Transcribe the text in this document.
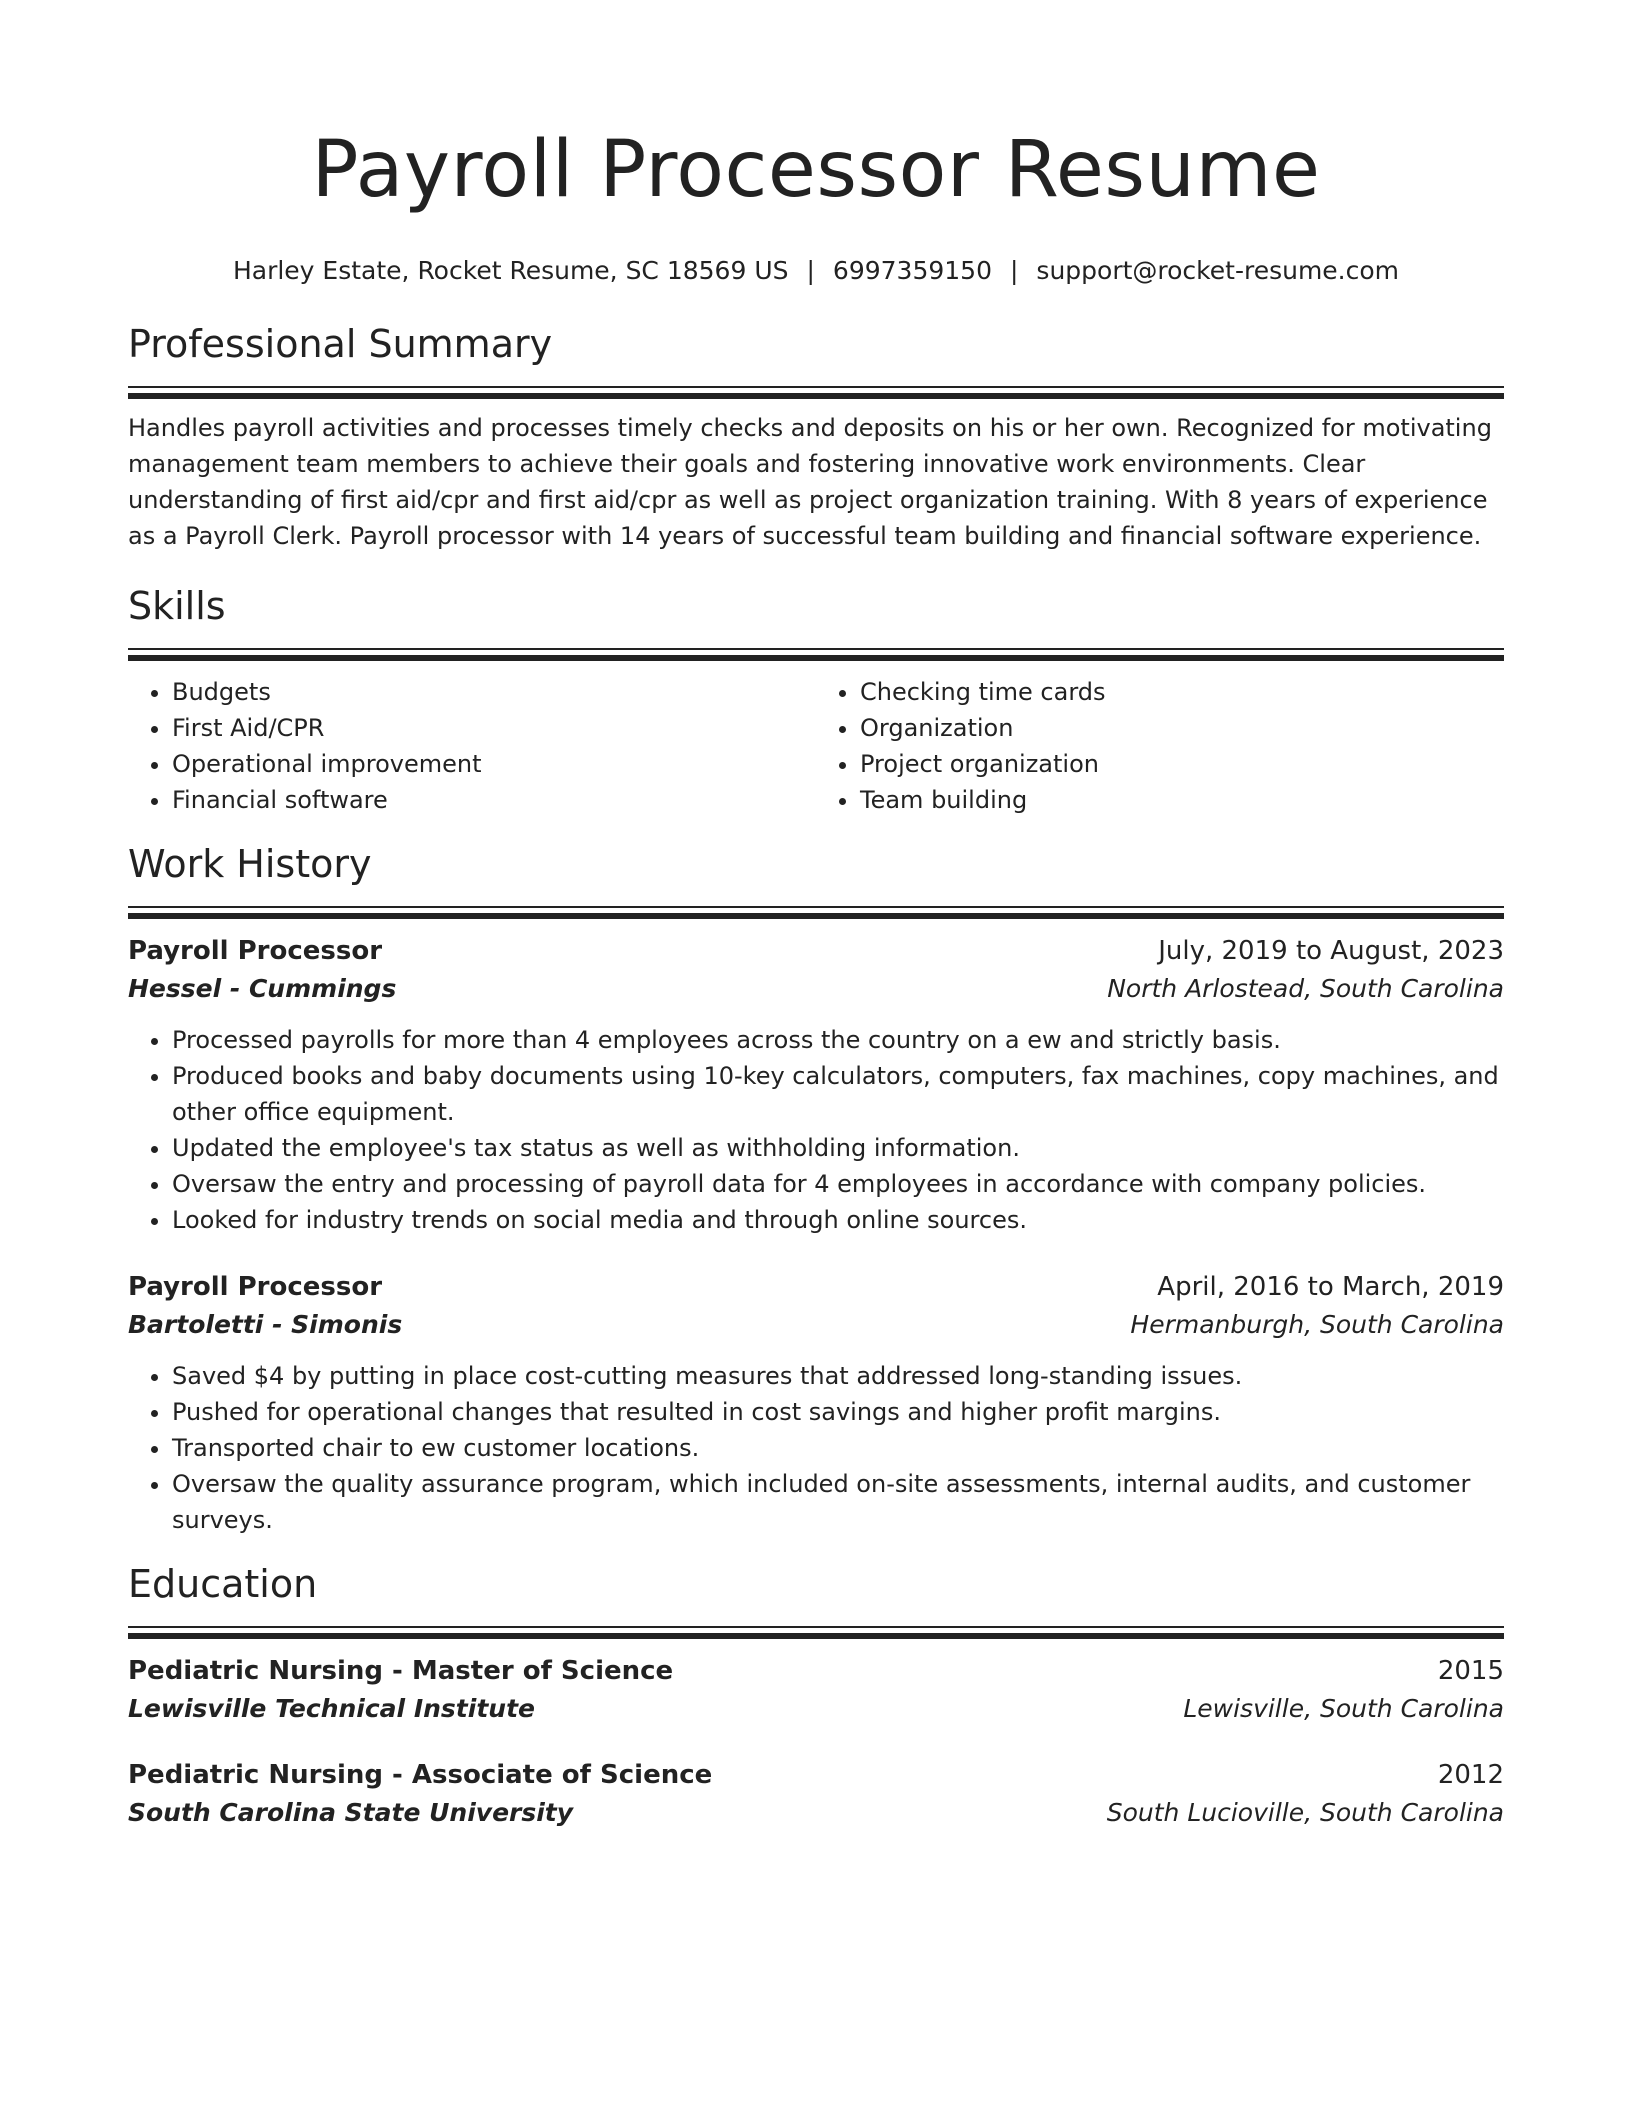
Payroll Processor Resume
Harley Estate, Rocket Resume, SC 18569 US | 6997359150 | support@rocket-resume.com
Professional Summary

Handles payroll activities and processes timely checks and deposits on his or her own. Recognized for motivating management team members to achieve their goals and fostering innovative work environments. Clear understanding of first aid/cpr and first aid/cpr as well as project organization training. With 8 years of experience as a Payroll Clerk. Payroll processor with 14 years of successful team building and financial software experience.

Skills
• Budgets
• First Aid/CPR
• Operational improvement
• Financial software
• Checking time cards
• Organization
• Project organization
• Team building
Work History
Payroll Processor	July, 2019 to August, 2023
Hessel - Cummings	North Arlostead, South Carolina
• Processed payrolls for more than 4 employees across the country on a ew and strictly basis.
• Produced books and baby documents using 10-key calculators, computers, fax machines, copy machines, and other office equipment.
• Updated the employee's tax status as well as withholding information.
• Oversaw the entry and processing of payroll data for 4 employees in accordance with company policies.
• Looked for industry trends on social media and through online sources.
Payroll Processor	April, 2016 to March, 2019
Bartoletti - Simonis	Hermanburgh, South Carolina
• Saved $4 by putting in place cost-cutting measures that addressed long-standing issues.
• Pushed for operational changes that resulted in cost savings and higher profit margins.
• Transported chair to ew customer locations.
• Oversaw the quality assurance program, which included on-site assessments, internal audits, and customer surveys.
Education
Pediatric Nursing - Master of Science	2015
Lewisville Technical Institute	Lewisville, South Carolina
Pediatric Nursing - Associate of Science	2012
South Carolina State University	South Lucioville, South Carolina
